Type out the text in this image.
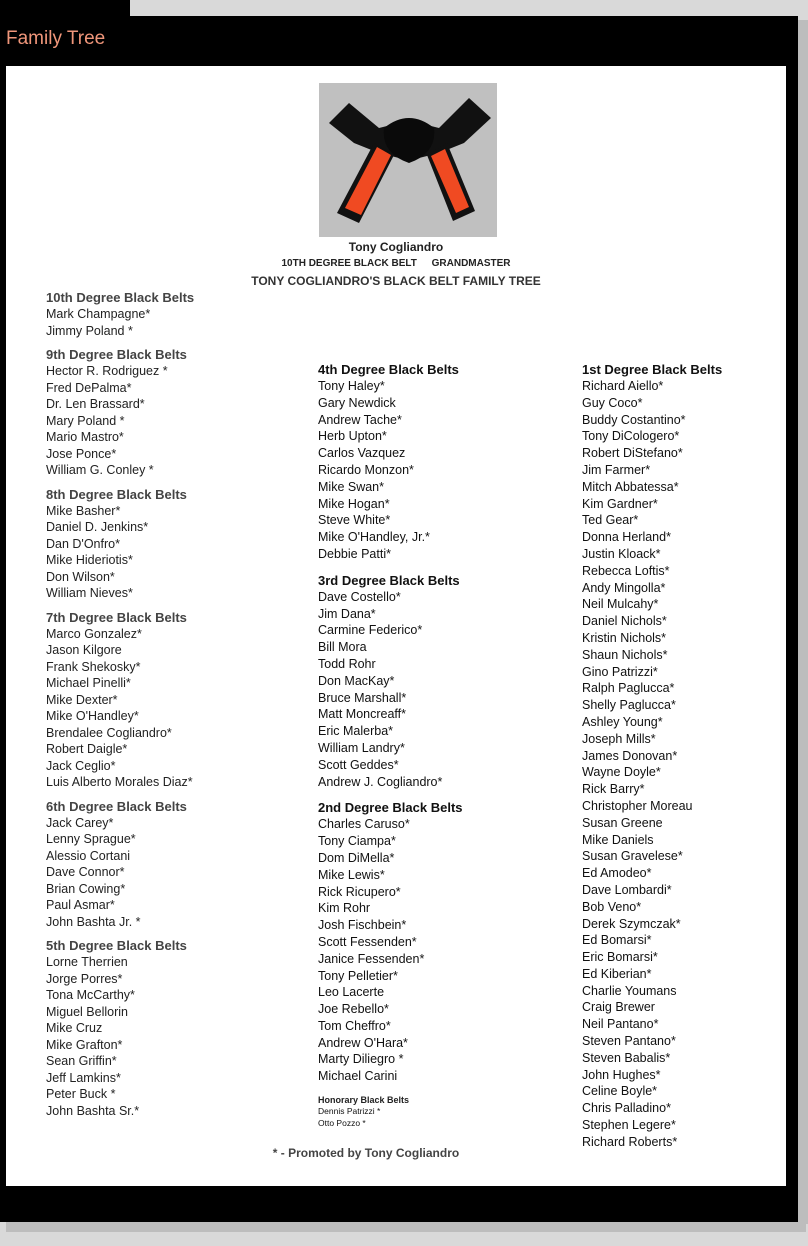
Family Tree
Tony Cogliandro
10TH DEGREE BLACK BELT GRANDMASTER
TONY COGLIANDRO'S BLACK BELT FAMILY TREE
10th Degree Black Belts
Mark Champagne*
Jimmy Poland *
9th Degree Black Belts
Hector R. Rodriguez *
Fred DePalma*
Dr. Len Brassard*
Mary Poland *
Mario Mastro*
Jose Ponce*
William G. Conley *
8th Degree Black Belts
Mike Basher*
Daniel D. Jenkins*
Dan D'Onfro*
Mike Hideriotis*
Don Wilson*
William Nieves*
7th Degree Black Belts
Marco Gonzalez*
Jason Kilgore
Frank Shekosky*
Michael Pinelli*
Mike Dexter*
Mike O'Handley*
Brendalee Cogliandro*
Robert Daigle*
Jack Ceglio*
Luis Alberto Morales Diaz*
6th Degree Black Belts
Jack Carey*
Lenny Sprague*
Alessio Cortani
Dave Connor*
Brian Cowing*
Paul Asmar*
John Bashta Jr. *
5th Degree Black Belts
Lorne Therrien
Jorge Porres*
Tona McCarthy*
Miguel Bellorin
Mike Cruz
Mike Grafton*
Sean Griffin*
Jeff Lamkins*
Peter Buck *
John Bashta Sr.*
4th Degree Black Belts
Tony Haley*
Gary Newdick
Andrew Tache*
Herb Upton*
Carlos Vazquez
Ricardo Monzon*
Mike Swan*
Mike Hogan*
Steve White*
Mike O'Handley, Jr.*
Debbie Patti*
3rd Degree Black Belts
Dave Costello*
Jim Dana*
Carmine Federico*
Bill Mora
Todd Rohr
Don MacKay*
Bruce Marshall*
Matt Moncreaff*
Eric Malerba*
William Landry*
Scott Geddes*
Andrew J. Cogliandro*
2nd Degree Black Belts
Charles Caruso*
Tony Ciampa*
Dom DiMella*
Mike Lewis*
Rick Ricupero*
Kim Rohr
Josh Fischbein*
Scott Fessenden*
Janice Fessenden*
Tony Pelletier*
Leo Lacerte
Joe Rebello*
Tom Cheffro*
Andrew O'Hara*
Marty Diliegro *
Michael Carini
Honorary Black Belts
Dennis Patrizzi *
Otto Pozzo *
1st Degree Black Belts
Richard Aiello*
Guy Coco*
Buddy Costantino*
Tony DiCologero*
Robert DiStefano*
Jim Farmer*
Mitch Abbatessa*
Kim Gardner*
Ted Gear*
Donna Herland*
Justin Kloack*
Rebecca Loftis*
Andy Mingolla*
Neil Mulcahy*
Daniel Nichols*
Kristin Nichols*
Shaun Nichols*
Gino Patrizzi*
Ralph Paglucca*
Shelly Paglucca*
Ashley Young*
Joseph Mills*
James Donovan*
Wayne Doyle*
Rick Barry*
Christopher Moreau
Susan Greene
Mike Daniels
Susan Gravelese*
Ed Amodeo*
Dave Lombardi*
Bob Veno*
Derek Szymczak*
Ed Bomarsi*
Eric Bomarsi*
Ed Kiberian*
Charlie Youmans
Craig Brewer
Neil Pantano*
Steven Pantano*
Steven Babalis*
John Hughes*
Celine Boyle*
Chris Palladino*
Stephen Legere*
Richard Roberts*
* - Promoted by Tony Cogliandro
